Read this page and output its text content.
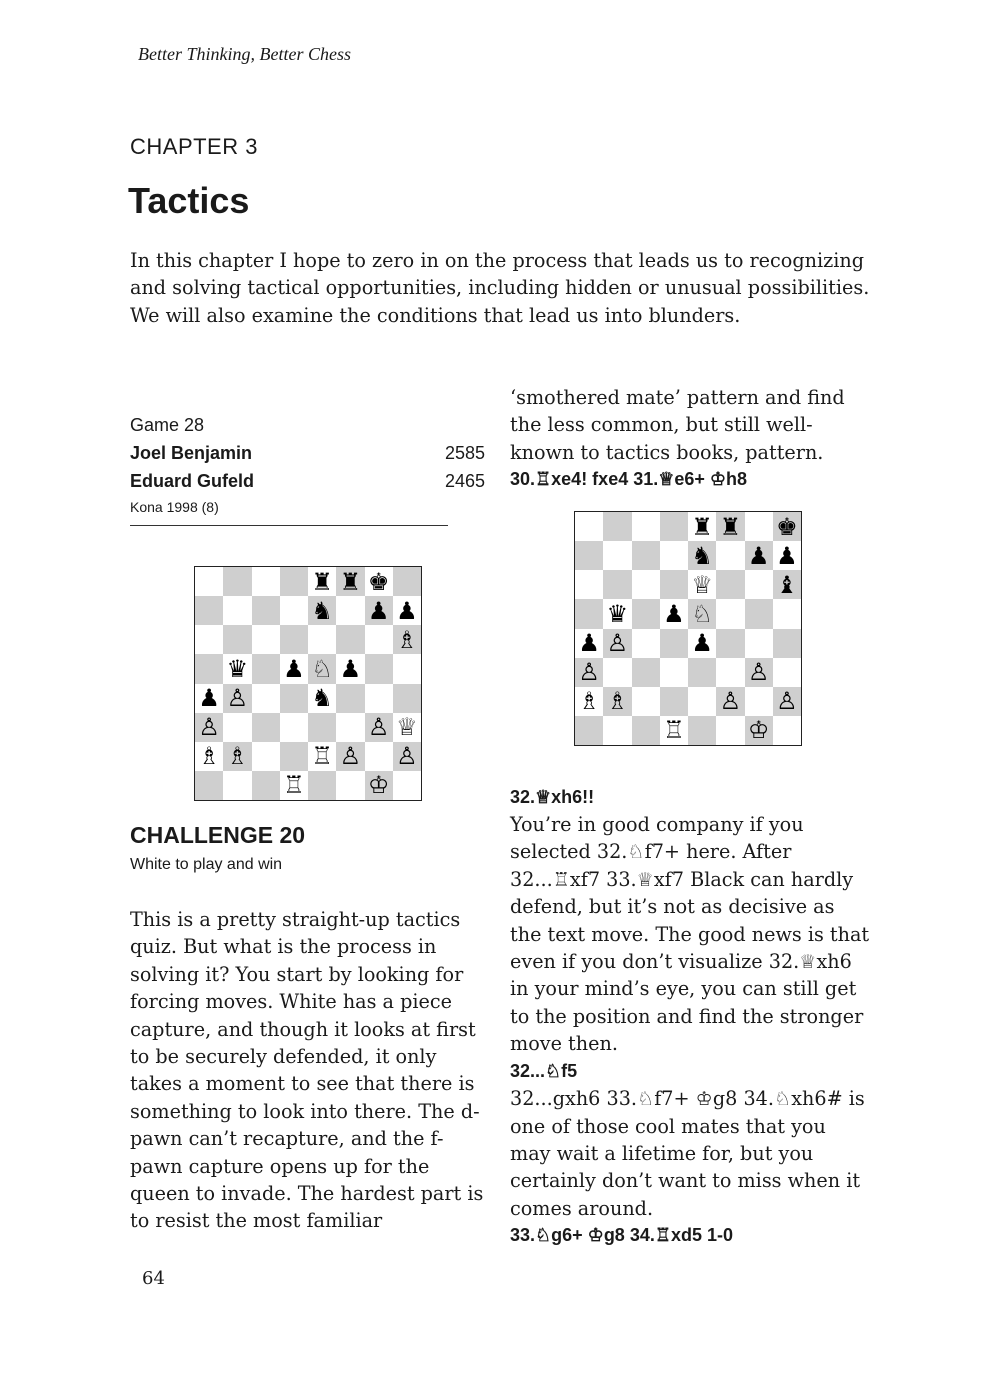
Better Thinking, Better Chess
CHAPTER 3
Tactics

In this chapter I hope to zero in on the process that leads us to recognizing and solving tactical opportunities, including hidden or unusual possibilities. We will also examine the conditions that lead us into blunders.

Game 28
Joel Benjamin	2585
Eduard Gufeld	2465
Kona 1998 (8)
♜ ♜ ♚
♞ ♟ ♟
♗
♛ ♟ ♘ ♟
♟ ♙	♞
♙	♙ ♕
♗ ♗	♖ ♙ ♙
♖	♔
CHALLENGE 20
White to play and win

This is a pretty straight-up tactics quiz. But what is the process in solving it? You start by looking for forcing moves. White has a piece capture, and though it looks at first to be securely defended, it only takes a moment to see that there is something to look into there. The d-pawn can’t recapture, and the f-pawn capture opens up for the queen to invade. The hardest part is to resist the most familiar

‘smothered mate’ pattern and find the less common, but still well-known to tactics books, pattern.

30.♖xe4! fxe4 31.♕e6+ ♔h8

32.♕xh6!!

You’re in good company if you selected 32.♘f7+ here. After 32...♖xf7 33.♕xf7 Black can hardly defend, but it’s not as decisive as the text move. The good news is that even if you don’t visualize 32.♕xh6 in your mind’s eye, you can still get to the position and find the stronger move then.

32...♘f5

32...gxh6 33.♘f7+ ♔g8 34.♘xh6# is one of those cool mates that you may wait a lifetime for, but you certainly don’t want to miss when it comes around.

33.♘g6+ ♔g8 34.♖xd5 1-0

♜ ♜ ♚
♞ ♟ ♟
♕	♝
♛ ♟ ♘
♟ ♙	♟
♙	♙
♗ ♗	♙ ♙
♖	♔
64
